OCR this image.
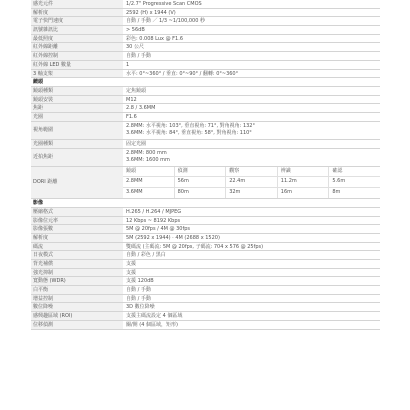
感光元件	1/2.7" Progressive Scan CMOS
解析度	2592 (H) x 1944 (V)
電子快門速度	自動 / 手動 ／ 1/3 ~1/100,000 秒
訊號雜訊比	> 56dB
最低照度	彩色: 0.008 Lux @ F1.6
紅外線距離	30 公尺
紅外線控制	自動 / 手動
紅外線 LED 數量	1
3 軸支架	水平: 0°~360° / 垂直: 0°~90° / 翻轉: 0°~360°
鏡頭
鏡頭種類	定焦鏡頭
鏡頭安裝	M12
焦距	2.8 / 3.6MM
光圈	F1.6
視角範圍
2.8MM: 水平視角: 103°, 垂直視角: 71°, 對角視角: 132°
3.6MM: 水平視角: 84°, 垂直視角: 58°, 對角視角: 110°
光圈種類	固定光圈
近拍焦距
2.8MM: 800 mm
3.6MM: 1600 mm
DORI 距離
鏡頭	偵測	觀察	辨識	確認
2.8MM	56m	22.4m	11.2m	5.6m
3.6MM	80m	32m	16m	8m
影像
壓縮格式	H.265 / H.264 / MJPEG
影像位元率	12 Kbps ~ 8192 Kbps
影像張數	5M @ 20fps / 4M @ 30fps
解析度	5M (2592 x 1944) · 4M (2688 x 1520)
碼流	雙碼流 (主碼流: 5M @ 20fps, 子碼流: 704 x 576 @ 25fps)
日夜模式	自動 / 彩色 / 黑白
背光補償	支援
強光抑制	支援
寬動態 (WDR)	支援 120dB
白平衡	自動 / 手動
增益控制	自動 / 手動
數位降噪	3D 數位降噪
感興趣區域 (ROI)	支援主碼流設定 4 個區域
位移偵測	關/開 (4 個區域，矩形)
